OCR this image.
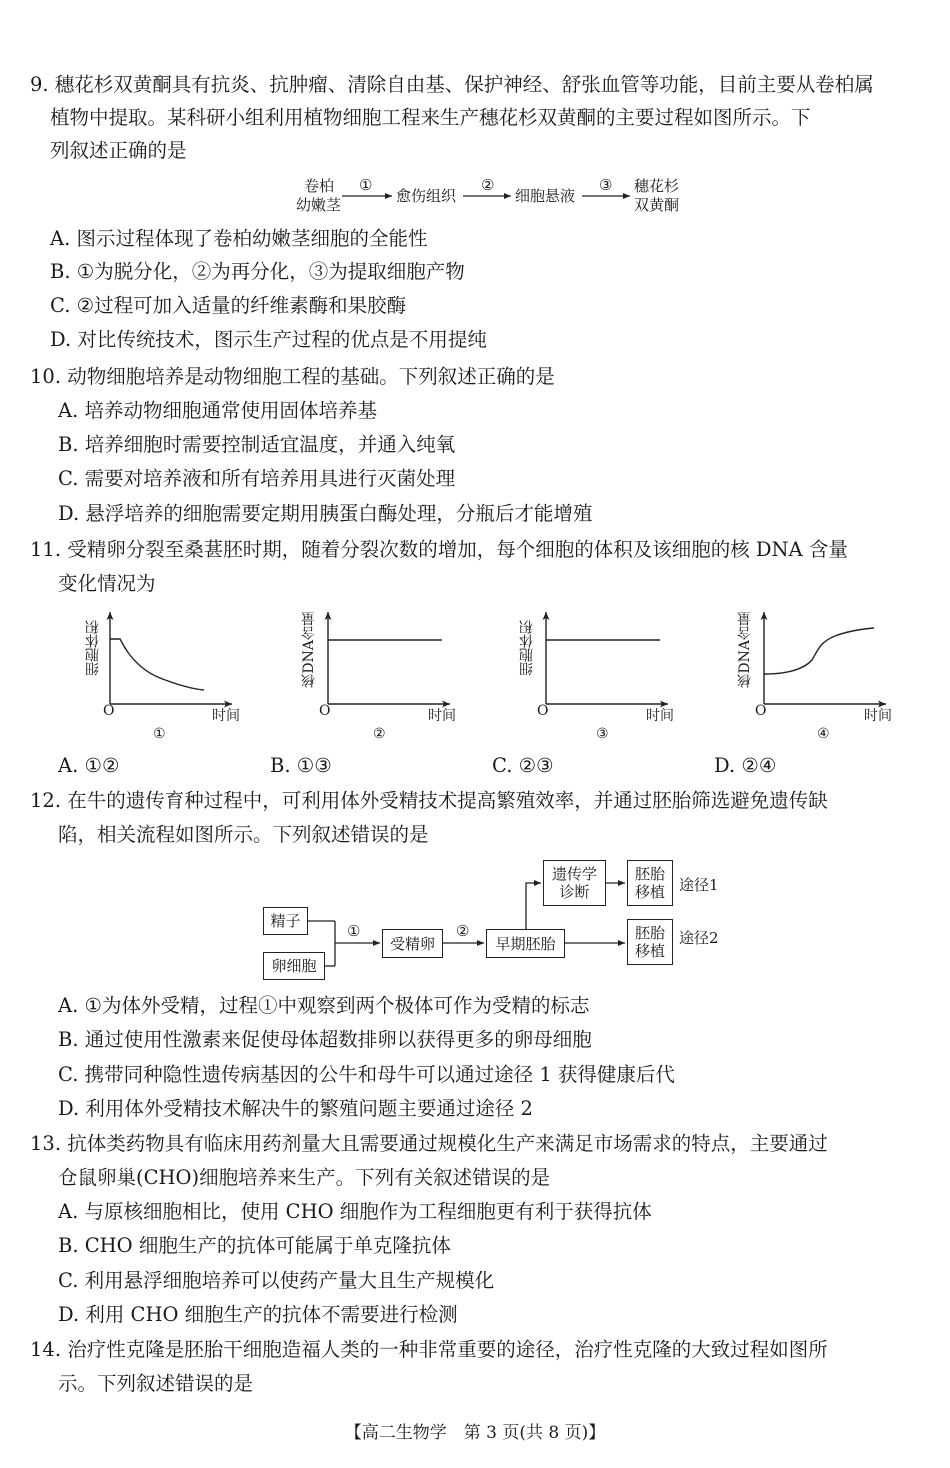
9. 穗花杉双黄酮具有抗炎、抗肿瘤、清除自由基、保护神经、舒张血管等功能，目前主要从卷柏属
植物中提取。某科研小组利用植物细胞工程来生产穗花杉双黄酮的主要过程如图所示。下
列叙述正确的是
卷柏
幼嫩茎
①
愈伤组织
②
细胞悬液
③ 穗花杉
双黄酮
A. 图示过程体现了卷柏幼嫩茎细胞的全能性
B. ①为脱分化，②为再分化，③为提取细胞产物
C. ②过程可加入适量的纤维素酶和果胶酶
D. 对比传统技术，图示生产过程的优点是不用提纯
10. 动物细胞培养是动物细胞工程的基础。下列叙述正确的是
A. 培养动物细胞通常使用固体培养基
B. 培养细胞时需要控制适宜温度，并通入纯氧
C. 需要对培养液和所有培养用具进行灭菌处理
D. 悬浮培养的细胞需要定期用胰蛋白酶处理，分瓶后才能增殖
11. 受精卵分裂至桑葚胚时期，随着分裂次数的增加，每个细胞的体积及该细胞的核 DNA 含量
变化情况为
细胞体积
O	时间
①
核DNA含量
O	时间
②
细胞体积
O	时间
③
核DNA含量
O	时间
④
A. ①②	B. ①③	C. ②③	D. ②④
12. 在牛的遗传育种过程中，可利用体外受精技术提高繁殖效率，并通过胚胎筛选避免遗传缺
陷，相关流程如图所示。下列叙述错误的是
精子
卵细胞
①
受精卵
②
早期胚胎
遗传学
诊断
胚胎
移植
胚胎
移植
途径1
途径2
A. ①为体外受精，过程①中观察到两个极体可作为受精的标志
B. 通过使用性激素来促使母体超数排卵以获得更多的卵母细胞
C. 携带同种隐性遗传病基因的公牛和母牛可以通过途径 1 获得健康后代
D. 利用体外受精技术解决牛的繁殖问题主要通过途径 2
13. 抗体类药物具有临床用药剂量大且需要通过规模化生产来满足市场需求的特点，主要通过
仓鼠卵巢(CHO)细胞培养来生产。下列有关叙述错误的是
A. 与原核细胞相比，使用 CHO 细胞作为工程细胞更有利于获得抗体
B. CHO 细胞生产的抗体可能属于单克隆抗体
C. 利用悬浮细胞培养可以使药产量大且生产规模化
D. 利用 CHO 细胞生产的抗体不需要进行检测
14. 治疗性克隆是胚胎干细胞造福人类的一种非常重要的途径，治疗性克隆的大致过程如图所
示。下列叙述错误的是
【高二生物学　第 3 页(共 8 页)】
